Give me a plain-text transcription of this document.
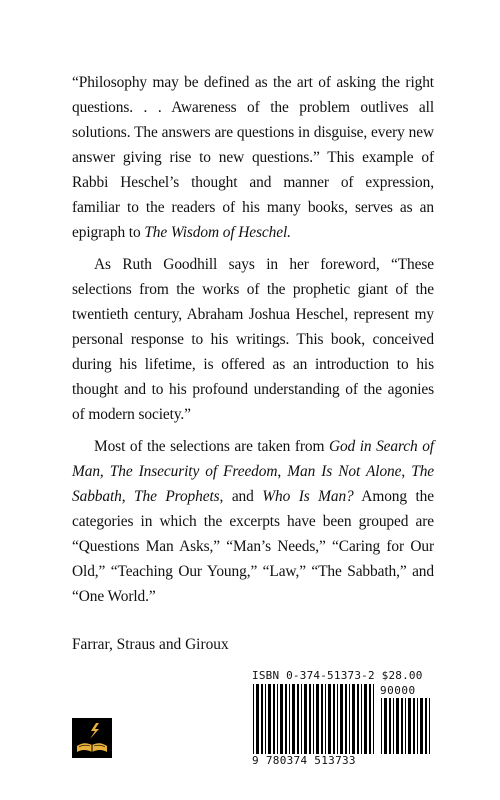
“Philosophy may be defined as the art of asking the right questions. . . Awareness of the problem outlives all solutions. The answers are questions in disguise, every new answer giving rise to new questions.” This example of Rabbi Heschel’s thought and manner of expression, familiar to the readers of his many books, serves as an epigraph to The Wisdom of Heschel.

As Ruth Goodhill says in her foreword, “These selections from the works of the prophetic giant of the twentieth century, Abraham Joshua Heschel, represent my personal response to his writings. This book, conceived during his lifetime, is offered as an introduction to his thought and to his profound understanding of the agonies of modern society.”

Most of the selections are taken from God in Search of Man, The Insecurity of Freedom, Man Is Not Alone, The Sabbath, The Prophets, and Who Is Man? Among the categories in which the excerpts have been grouped are “Questions Man Asks,” “Man’s Needs,” “Caring for Our Old,” “Teaching Our Young,” “Law,” “The Sabbath,” and “One World.”

Farrar, Straus and Giroux
ISBN 0-374-51373-2 $28.00
90000
9 780374 513733
